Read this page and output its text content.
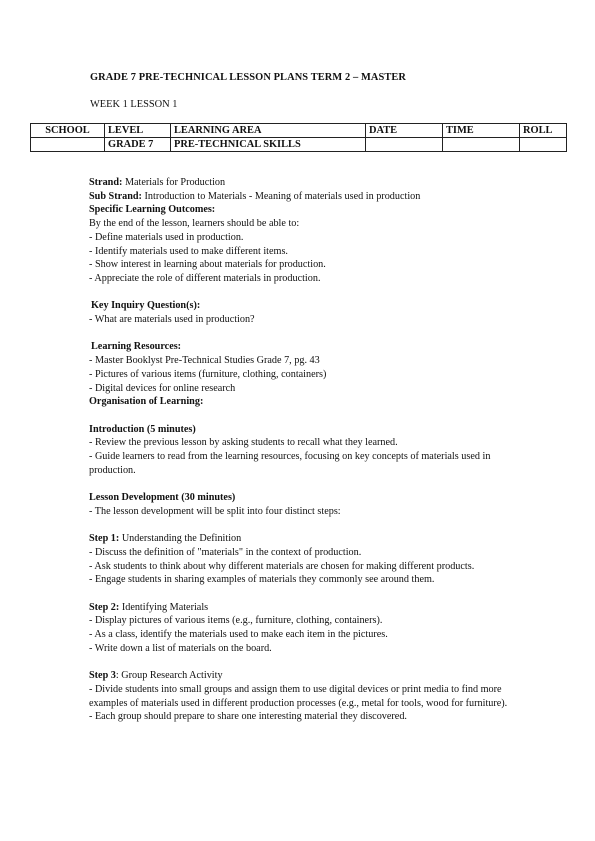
GRADE 7 PRE-TECHNICAL LESSON PLANS TERM 2 – MASTER
WEEK 1 LESSON 1
SCHOOL	LEVEL	LEARNING AREA	DATE	TIME	ROLL
	GRADE 7	PRE-TECHNICAL SKILLS			

Strand: Materials for Production

Sub Strand: Introduction to Materials - Meaning of materials used in production

Specific Learning Outcomes:

By the end of the lesson, learners should be able to:

- Define materials used in production.

- Identify materials used to make different items.

- Show interest in learning about materials for production.

- Appreciate the role of different materials in production.

Key Inquiry Question(s):

- What are materials used in production?

Learning Resources:

- Master Booklyst Pre-Technical Studies Grade 7, pg. 43

- Pictures of various items (furniture, clothing, containers)

- Digital devices for online research

Organisation of Learning:

Introduction (5 minutes)

- Review the previous lesson by asking students to recall what they learned.

- Guide learners to read from the learning resources, focusing on key concepts of materials used in production.

Lesson Development (30 minutes)

- The lesson development will be split into four distinct steps:

Step 1: Understanding the Definition

- Discuss the definition of "materials" in the context of production.

- Ask students to think about why different materials are chosen for making different products.

- Engage students in sharing examples of materials they commonly see around them.

Step 2: Identifying Materials

- Display pictures of various items (e.g., furniture, clothing, containers).

- As a class, identify the materials used to make each item in the pictures.

- Write down a list of materials on the board.

Step 3: Group Research Activity

- Divide students into small groups and assign them to use digital devices or print media to find more examples of materials used in different production processes (e.g., metal for tools, wood for furniture).

- Each group should prepare to share one interesting material they discovered.
